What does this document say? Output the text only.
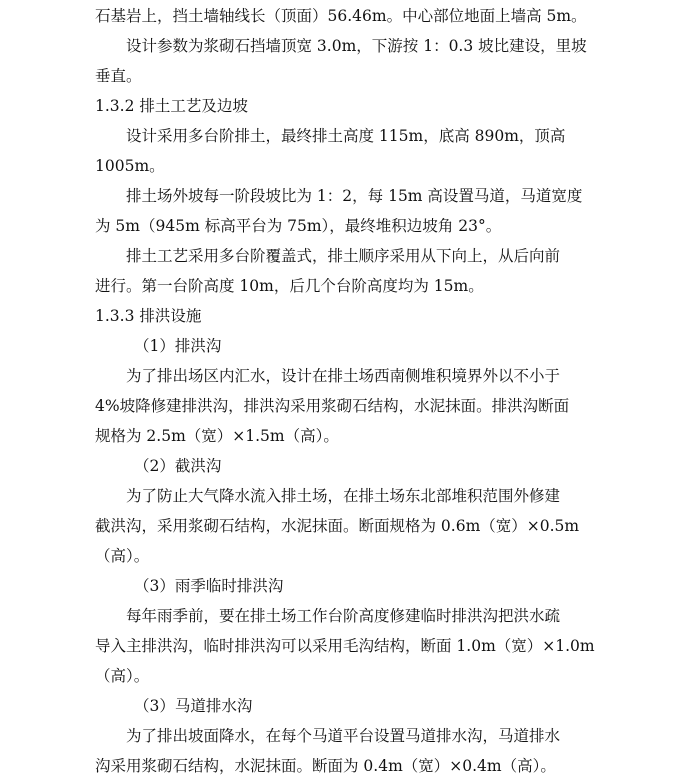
石基岩上，挡土墙轴线长（顶面）56.46m。中心部位地面上墙高 5m。
设计参数为浆砌石挡墙顶宽 3.0m，下游按 1：0.3 坡比建设，里坡
垂直。
1.3.2 排土工艺及边坡
设计采用多台阶排土，最终排土高度 115m，底高 890m，顶高
1005m。
排土场外坡每一阶段坡比为 1：2，每 15m 高设置马道，马道宽度
为 5m（945m 标高平台为 75m），最终堆积边坡角 23°。
排土工艺采用多台阶覆盖式，排土顺序采用从下向上，从后向前
进行。第一台阶高度 10m，后几个台阶高度均为 15m。
1.3.3 排洪设施
（1）排洪沟
为了排出场区内汇水，设计在排土场西南侧堆积境界外以不小于
4%坡降修建排洪沟，排洪沟采用浆砌石结构，水泥抹面。排洪沟断面
规格为 2.5m（宽）×1.5m（高）。
（2）截洪沟
为了防止大气降水流入排土场，在排土场东北部堆积范围外修建
截洪沟，采用浆砌石结构，水泥抹面。断面规格为 0.6m（宽）×0.5m
（高）。
（3）雨季临时排洪沟
每年雨季前，要在排土场工作台阶高度修建临时排洪沟把洪水疏
导入主排洪沟，临时排洪沟可以采用毛沟结构，断面 1.0m（宽）×1.0m
（高）。
（3）马道排水沟
为了排出坡面降水，在每个马道平台设置马道排水沟，马道排水
沟采用浆砌石结构，水泥抹面。断面为 0.4m（宽）×0.4m（高）。
